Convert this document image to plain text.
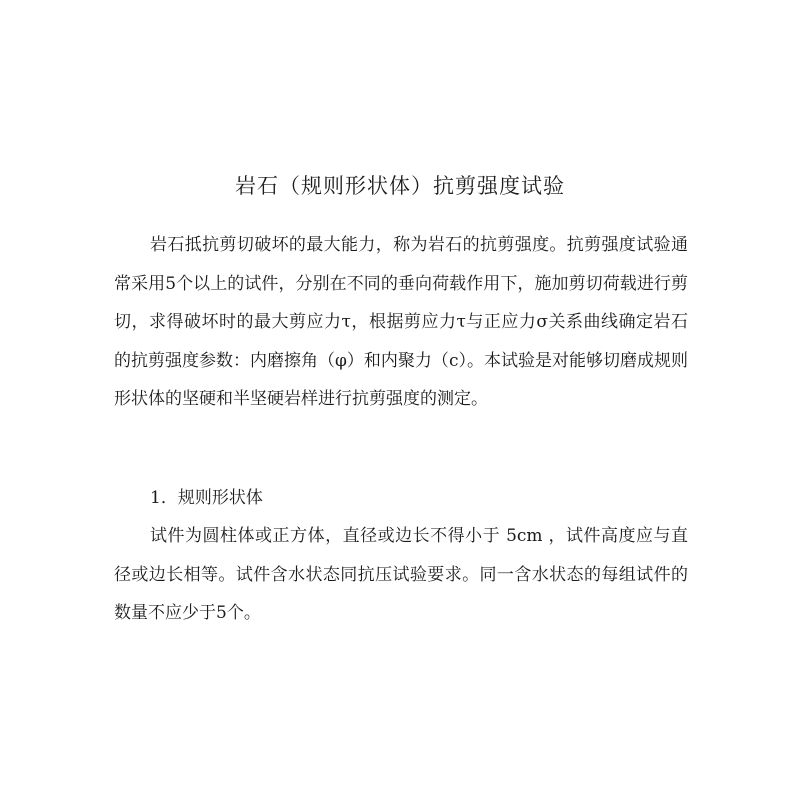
岩石（规则形状体）抗剪强度试验

岩石抵抗剪切破坏的最大能力，称为岩石的抗剪强度。抗剪强度试验通常采用5个以上的试件，分别在不同的垂向荷载作用下，施加剪切荷载进行剪切，求得破坏时的最大剪应力τ，根据剪应力τ与正应力σ关系曲线确定岩石的抗剪强度参数：内磨擦角（φ）和内聚力（c）。本试验是对能够切磨成规则形状体的坚硬和半坚硬岩样进行抗剪强度的测定。

1．规则形状体

试件为圆柱体或正方体，直径或边长不得小于 5cm ，试件高度应与直径或边长相等。试件含水状态同抗压试验要求。同一含水状态的每组试件的数量不应少于5个。
